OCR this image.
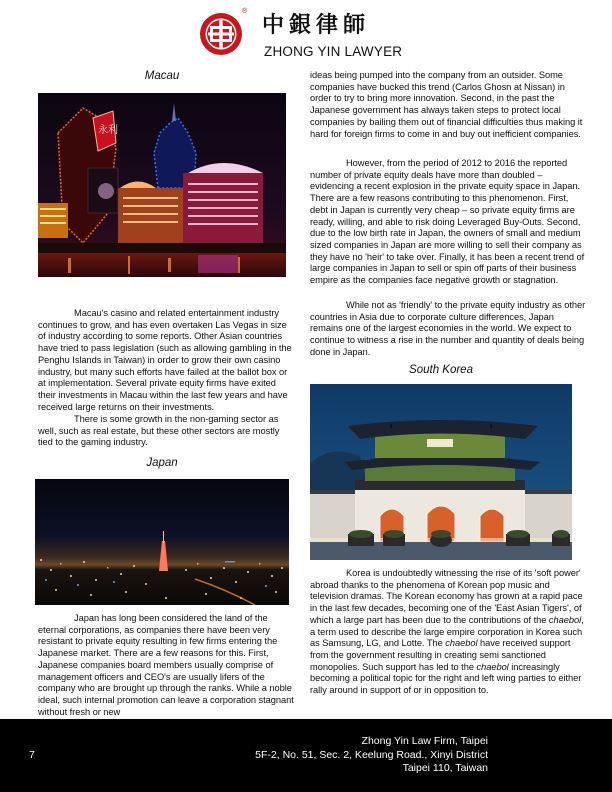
®
中銀律師
ZHONG YIN LAWYER
Macau
永利
Macau's casino and related entertainment industry continues to grow, and has even overtaken Las Vegas in size of industry according to some reports. Other Asian countries have tried to pass legislation (such as allowing gambling in the Penghu Islands in Taiwan) in order to grow their own casino industry, but many such efforts have failed at the ballot box or at implementation. Several private equity firms have exited their investments in Macau within the last few years and have received large returns on their investments.
There is some growth in the non-gaming sector as well, such as real estate, but these other sectors are mostly tied to the gaming industry.
Japan
Japan has long been considered the land of the eternal corporations, as companies there have been very resistant to private equity resulting in few firms entering the Japanese market. There are a few reasons for this. First, Japanese companies board members usually comprise of management officers and CEO's are usually lifers of the company who are brought up through the ranks. While a noble ideal, such internal promotion can leave a corporation stagnant without fresh or new
ideas being pumped into the company from an outsider. Some companies have bucked this trend (Carlos Ghosn at Nissan) in order to try to bring more innovation. Second, in the past the Japanese government has always taken steps to protect local companies by bailing them out of financial difficulties thus making it hard for foreign firms to come in and buy out inefficient companies.
However, from the period of 2012 to 2016 the reported number of private equity deals have more than doubled – evidencing a recent explosion in the private equity space in Japan. There are a few reasons contributing to this phenomenon. First, debt in Japan is currently very cheap – so private equity firms are ready, willing, and able to risk doing Leveraged Buy-Outs. Second, due to the low birth rate in Japan, the owners of small and medium sized companies in Japan are more willing to sell their company as they have no 'heir' to take over. Finally, it has been a recent trend of large companies in Japan to sell or spin off parts of their business empire as the companies face negative growth or stagnation.
While not as 'friendly' to the private equity industry as other countries in Asia due to corporate culture differences, Japan remains one of the largest economies in the world. We expect to continue to witness a rise in the number and quantity of deals being done in Japan.
South Korea
Korea is undoubtedly witnessing the rise of its 'soft power' abroad thanks to the phenomena of Korean pop music and television dramas. The Korean economy has grown at a rapid pace in the last few decades, becoming one of the 'East Asian Tigers', of which a large part has been due to the contributions of the chaebol, a term used to describe the large empire corporation in Korea such as Samsung, LG, and Lotte. The chaebol have received support from the government resulting in creating semi sanctioned monopolies. Such support has led to the chaebol increasingly becoming a political topic for the right and left wing parties to either rally around in support of or in opposition to.
7
Zhong Yin Law Firm, Taipei
5F-2, No. 51, Sec. 2, Keelung Road., Xinyi District
Taipei 110, Taiwan
